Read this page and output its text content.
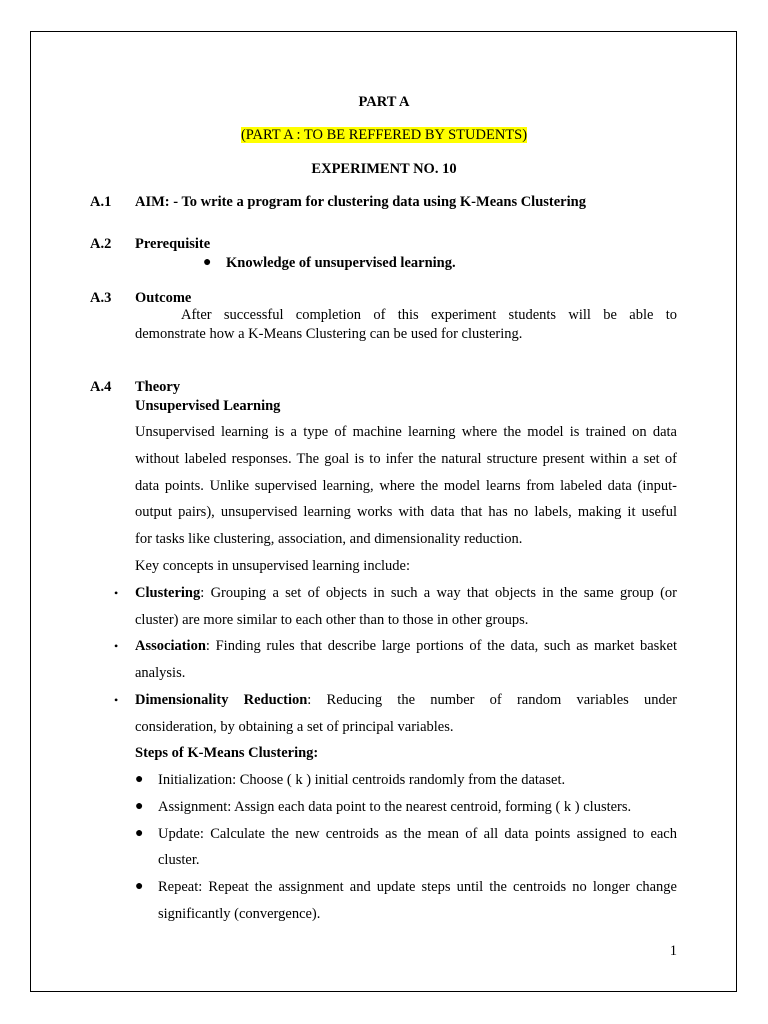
PART A
(PART A : TO BE REFFERED BY STUDENTS)
EXPERIMENT NO. 10
A.1 AIM: - To write a program for clustering data using K-Means Clustering
A.2 Prerequisite
● Knowledge of unsupervised learning.
A.3 Outcome
After successful completion of this experiment students will be able to
demonstrate how a K-Means Clustering can be used for clustering.
A.4 Theory
Unsupervised Learning
Unsupervised learning is a type of machine learning where the model is trained on data
without labeled responses. The goal is to infer the natural structure present within a set of
data points. Unlike supervised learning, where the model learns from labeled data (input-
output pairs), unsupervised learning works with data that has no labels, making it useful
for tasks like clustering, association, and dimensionality reduction.
Key concepts in unsupervised learning include:
• Clustering: Grouping a set of objects in such a way that objects in the same group (or
cluster) are more similar to each other than to those in other groups.
• Association: Finding rules that describe large portions of the data, such as market basket
analysis.
• Dimensionality Reduction: Reducing the number of random variables under
consideration, by obtaining a set of principal variables.
Steps of K-Means Clustering:
● Initialization: Choose ( k ) initial centroids randomly from the dataset.
● Assignment: Assign each data point to the nearest centroid, forming ( k ) clusters.
● Update: Calculate the new centroids as the mean of all data points assigned to each
cluster.
● Repeat: Repeat the assignment and update steps until the centroids no longer change
significantly (convergence).
1
